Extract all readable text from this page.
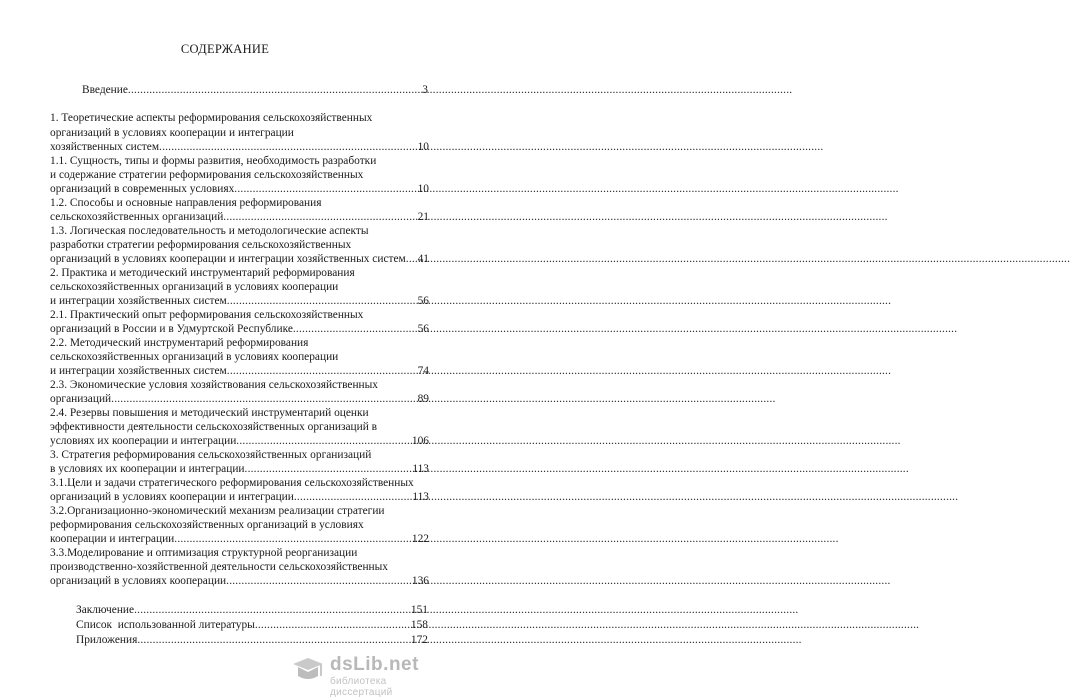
СОДЕРЖАНИЕ
Введение .....	3
1. Теоретические аспекты реформирования сельскохозяйственных
организаций в условиях кооперации и интеграции
хозяйственных систем .....	10
1.1. Сущность, типы и формы развития, необходимость разработки
и содержание стратегии реформирования сельскохозяйственных
организаций в современных условиях .....	10
1.2. Способы и основные направления реформирования
сельскохозяйственных организаций .....	21
1.3. Логическая последовательность и методологические аспекты
разработки стратегии реформирования сельскохозяйственных
организаций в условиях кооперации и интеграции хозяйственных систем ..... 41
2. Практика и методический инструментарий реформирования
сельскохозяйственных организаций в условиях кооперации
и интеграции хозяйственных систем .....	56
2.1. Практический опыт реформирования сельскохозяйственных
организаций в России и в Удмуртской Республике .....	56
2.2. Методический инструментарий реформирования
сельскохозяйственных организаций в условиях кооперации
и интеграции хозяйственных систем .....	74
2.3. Экономические условия хозяйствования сельскохозяйственных
организаций .....	89
2.4. Резервы повышения и методический инструментарий оценки
эффективности деятельности сельскохозяйственных организаций в
условиях их кооперации и интеграции .....	106
3. Стратегия реформирования сельскохозяйственных организаций
в условиях их кооперации и интеграции .....	113
3.1.Цели и задачи стратегического реформирования сельскохозяйственных
организаций в условиях кооперации и интеграции .....	113
3.2.Организационно-экономический механизм реализации стратегии
реформирования сельскохозяйственных организаций в условиях
кооперации и интеграции .....	122
3.3.Моделирование и оптимизация структурной реорганизации
производственно-хозяйственной деятельности сельскохозяйственных
организаций в условиях кооперации .....	136
Заключение .....	151
Список  использованной литературы .....	158
Приложения .....	172
dsLib.net
библиотека диссертаций
